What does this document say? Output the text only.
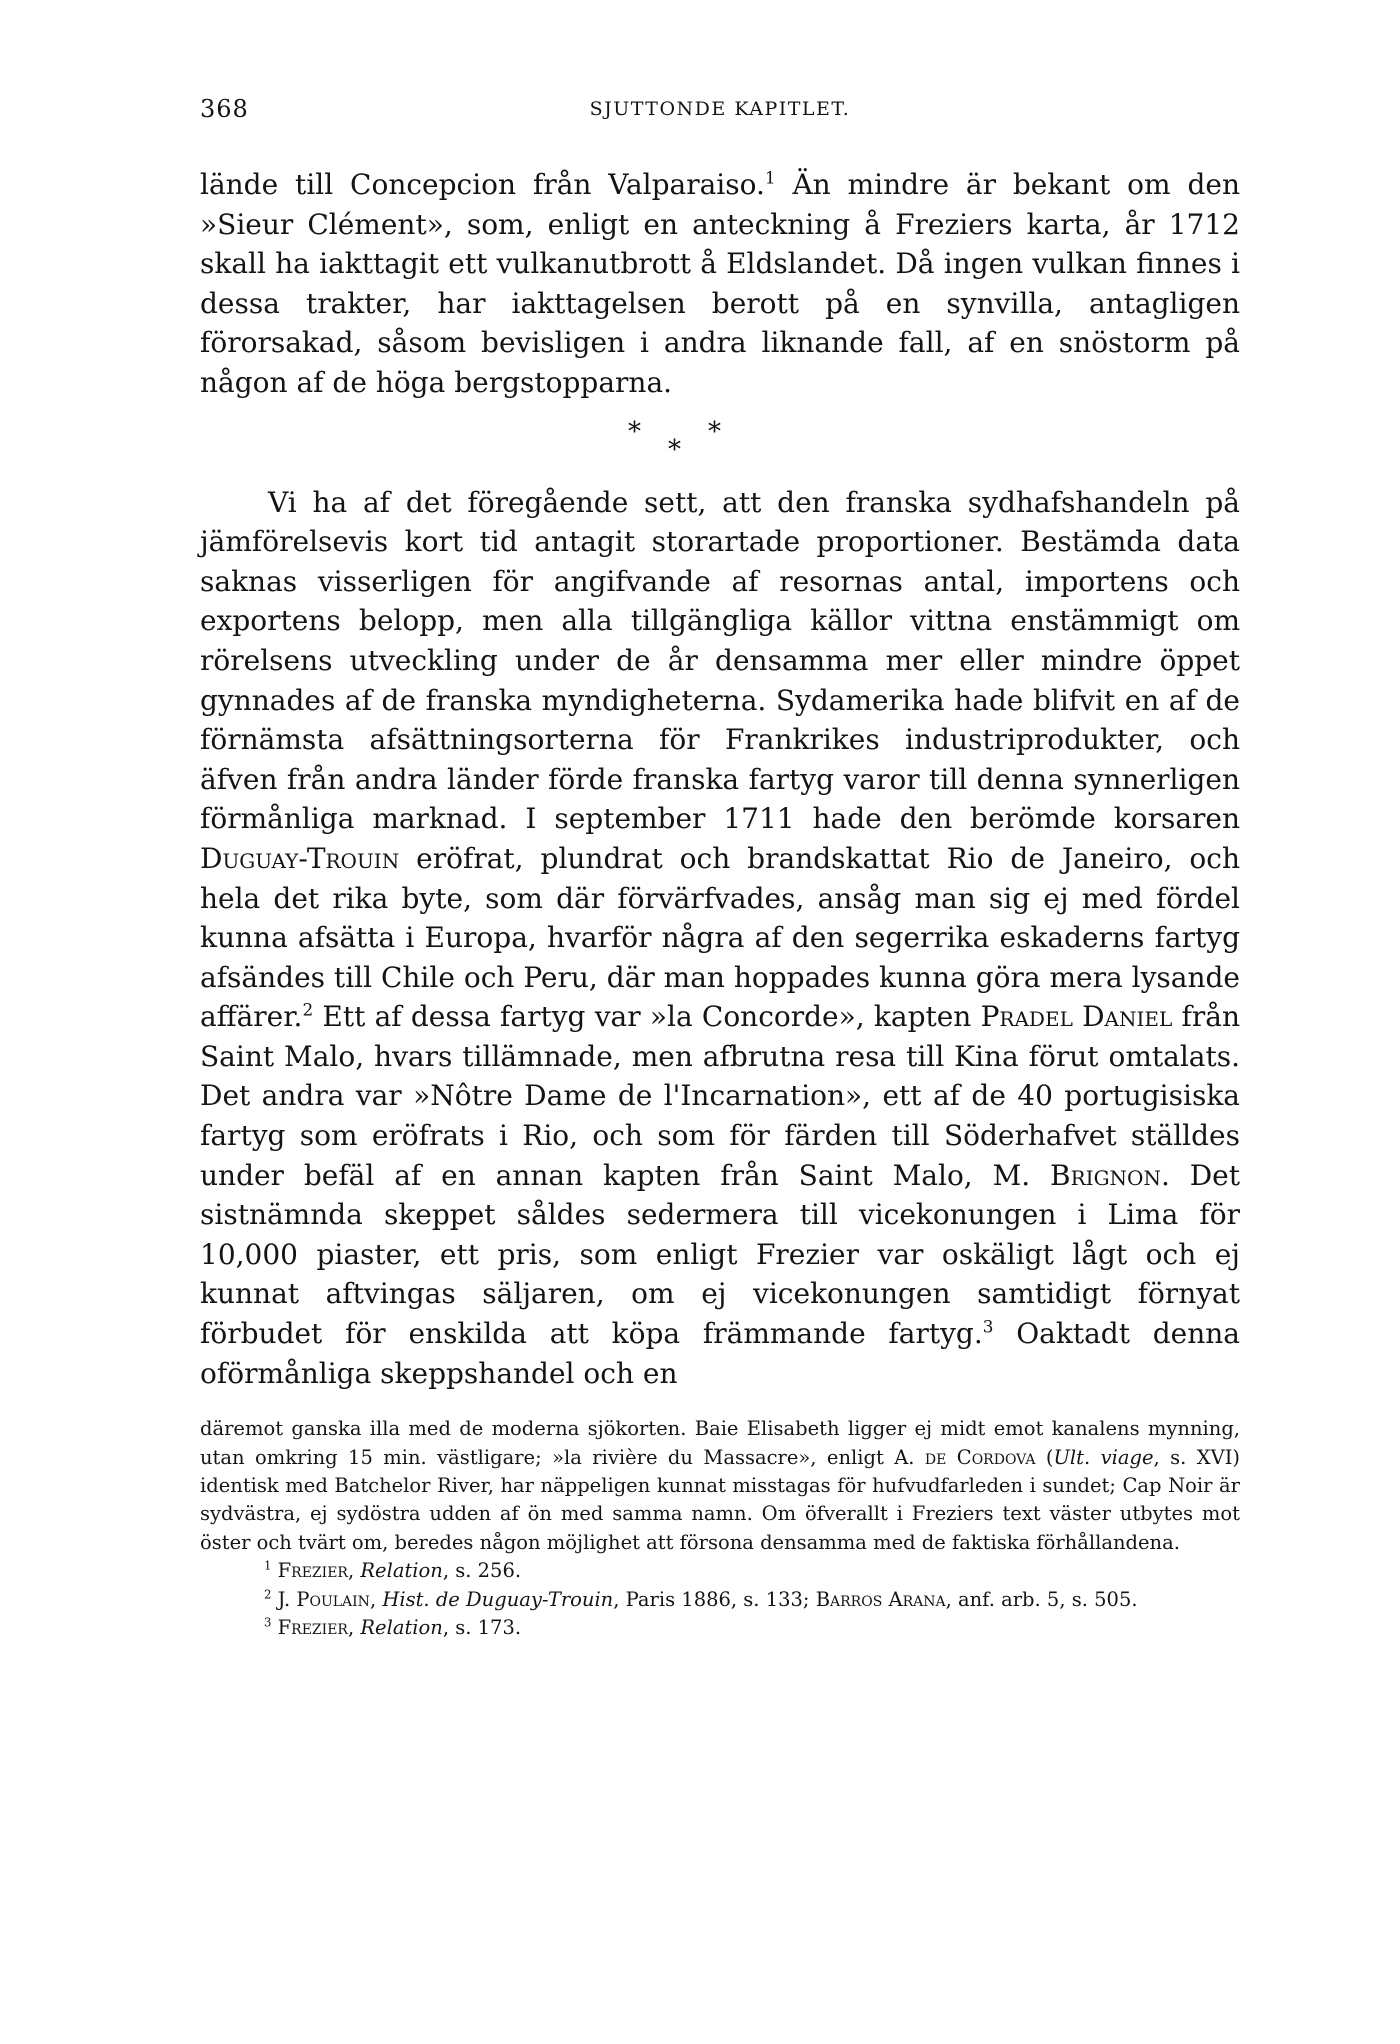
368	SJUTTONDE KAPITLET.

lände till Concepcion från Valparaiso.$^1$ Än mindre är bekant om den »Sieur Clément», som, enligt en anteckning å Freziers karta, år 1712 skall ha iakttagit ett vulkanutbrott å Eldslandet. Då ingen vulkan finnes i dessa trakter, har iakttagelsen berott på en synvilla, antagligen förorsakad, såsom bevisligen i andra liknande fall, af en snöstorm på någon af de höga bergstopparna.

*
*
*

Vi ha af det föregående sett, att den franska sydhafshandeln på jämförelsevis kort tid antagit storartade proportioner. Bestämda data saknas visserligen för angifvande af resornas antal, importens och exportens belopp, men alla tillgängliga källor vittna enstämmigt om rörelsens utveckling under de år densamma mer eller mindre öppet gynnades af de franska myndigheterna. Sydamerika hade blifvit en af de förnämsta afsättningsorterna för Frankrikes industriprodukter, och äfven från andra länder förde franska fartyg varor till denna synnerligen förmånliga marknad. I september 1711 hade den berömde korsaren Duguay-Trouin eröfrat, plundrat och brandskattat Rio de Janeiro, och hela det rika byte, som där förvärfvades, ansåg man sig ej med fördel kunna afsätta i Europa, hvarför några af den segerrika eskaderns fartyg afsändes till Chile och Peru, där man hoppades kunna göra mera lysande affärer.$^2$ Ett af dessa fartyg var »la Concorde», kapten Pradel Daniel från Saint Malo, hvars tillämnade, men afbrutna resa till Kina förut omtalats. Det andra var »Nôtre Dame de l'Incarnation», ett af de 40 portugisiska fartyg som eröfrats i Rio, och som för färden till Söderhafvet ställdes under befäl af en annan kapten från Saint Malo, M. Brignon. Det sistnämnda skeppet såldes sedermera till vicekonungen i Lima för 10,000 piaster, ett pris, som enligt Frezier var oskäligt lågt och ej kunnat aftvingas säljaren, om ej vicekonungen samtidigt förnyat förbudet för enskilda att köpa främmande fartyg.$^3$ Oaktadt denna oförmånliga skeppshandel och en

däremot ganska illa med de moderna sjökorten. Baie Elisabeth ligger ej midt emot kanalens mynning, utan omkring 15 min. västligare; »la rivière du Massacre», enligt A. de Cordova (Ult. viage, s. XVI) identisk med Batchelor River, har näppeligen kunnat misstagas för hufvudfarleden i sundet; Cap Noir är sydvästra, ej sydöstra udden af ön med samma namn. Om öfverallt i Freziers text väster utbytes mot öster och tvärt om, beredes någon möjlighet att försona densamma med de faktiska förhållandena.

$^1$ Frezier, Relation, s. 256.

$^2$ J. Poulain, Hist. de Duguay-Trouin, Paris 1886, s. 133; Barros Arana, anf. arb. 5, s. 505.

$^3$ Frezier, Relation, s. 173.
